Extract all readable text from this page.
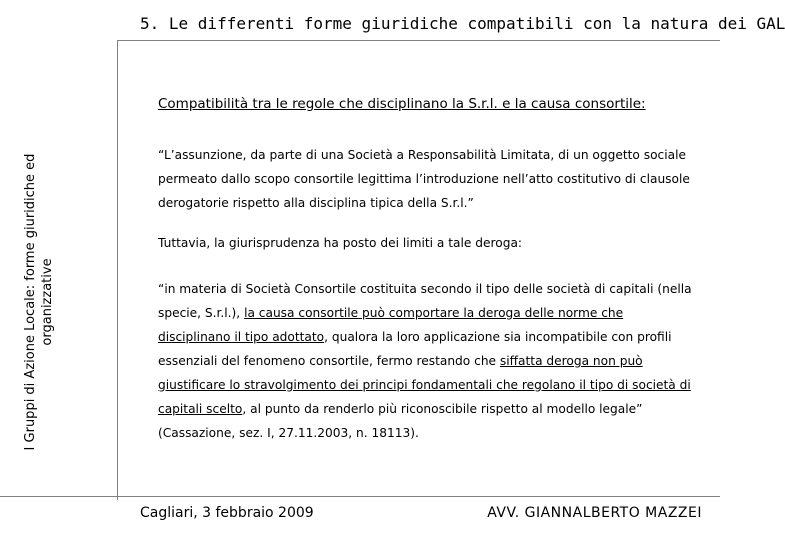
5. Le differenti forme giuridiche compatibili con la natura dei GAL
I Gruppi di Azione Locale: forme giuridiche ed organizzative
Compatibilità tra le regole che disciplinano la S.r.l. e la causa consortile:
“L’assunzione, da parte di una Società a Responsabilità Limitata, di un oggetto sociale permeato dallo scopo consortile legittima l’introduzione nell’atto costitutivo di clausole derogatorie rispetto alla disciplina tipica della S.r.l.”
Tuttavia, la giurisprudenza ha posto dei limiti a tale deroga:
“in materia di Società Consortile costituita secondo il tipo delle società di capitali (nella specie, S.r.l.), la causa consortile può comportare la deroga delle norme che disciplinano il tipo adottato, qualora la loro applicazione sia incompatibile con profili essenziali del fenomeno consortile, fermo restando che siffatta deroga non può giustificare lo stravolgimento dei principi fondamentali che regolano il tipo di società di capitali scelto, al punto da renderlo più riconoscibile rispetto al modello legale” (Cassazione, sez. I, 27.11.2003, n. 18113).
Cagliari, 3 febbraio 2009	AVV. GIANNALBERTO MAZZEI
